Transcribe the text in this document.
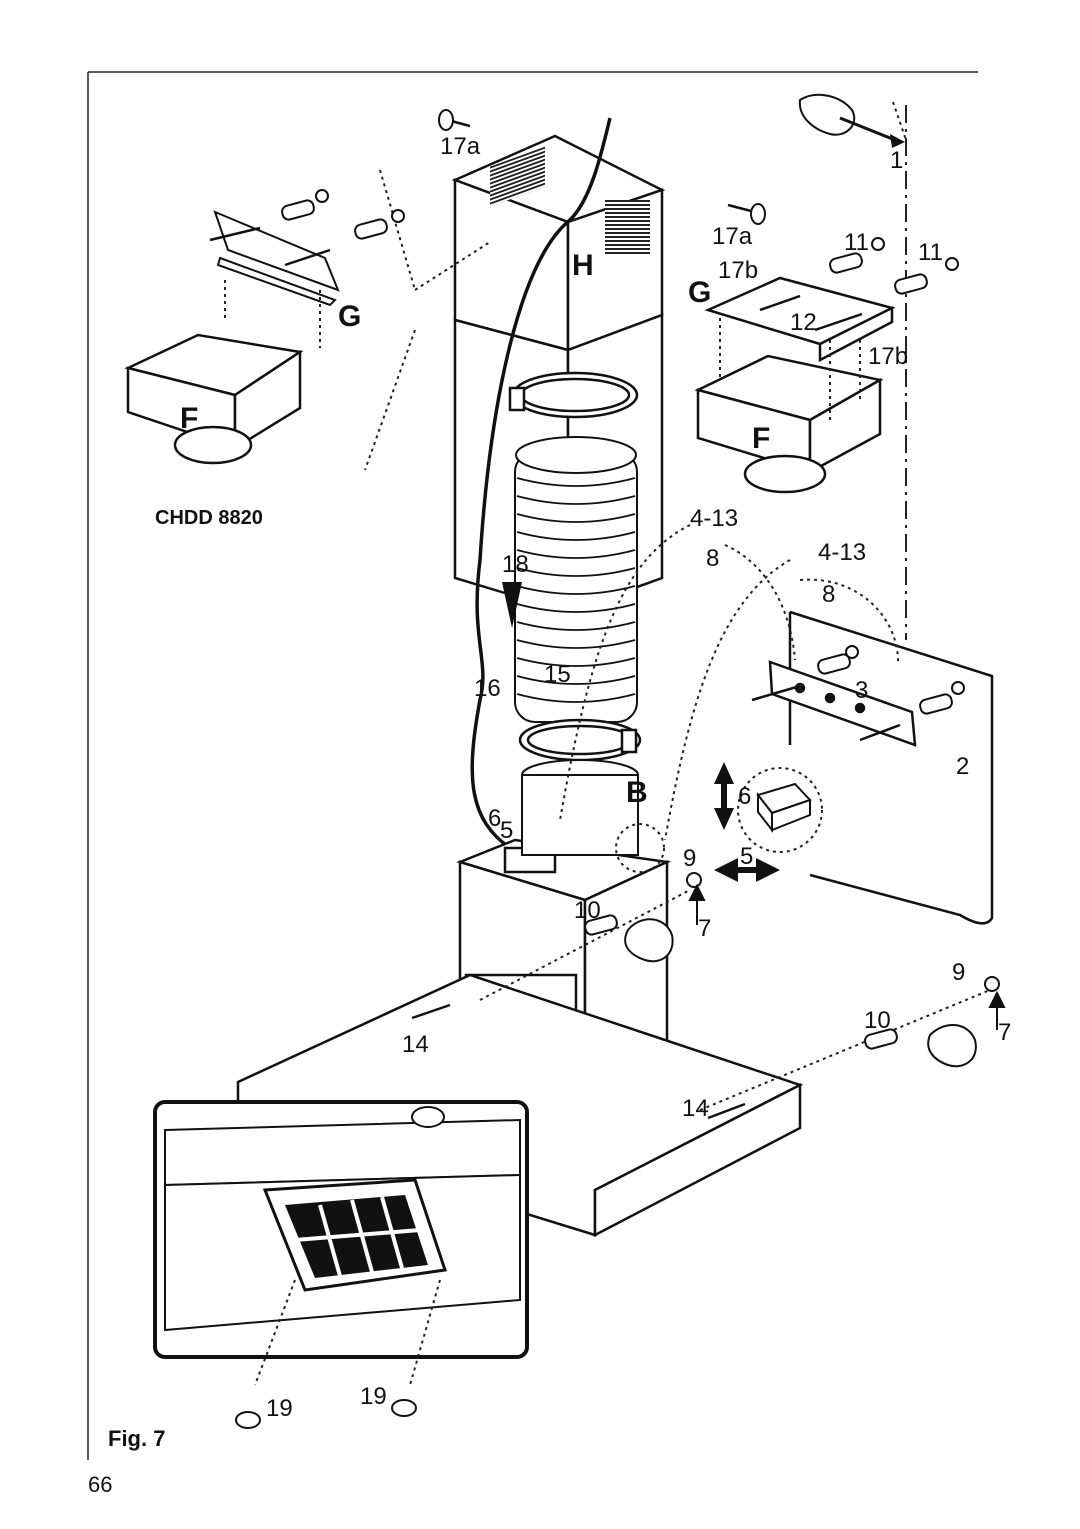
17a
17a
1
11 11
17b
12
17b
4-13
8	4-13
8
18
15
16	3
2
6
5
6
5
9
10
7
9
10	7
14
14
19	19
H
G
G
F
F
B
CHDD 8820
Fig. 7
66
